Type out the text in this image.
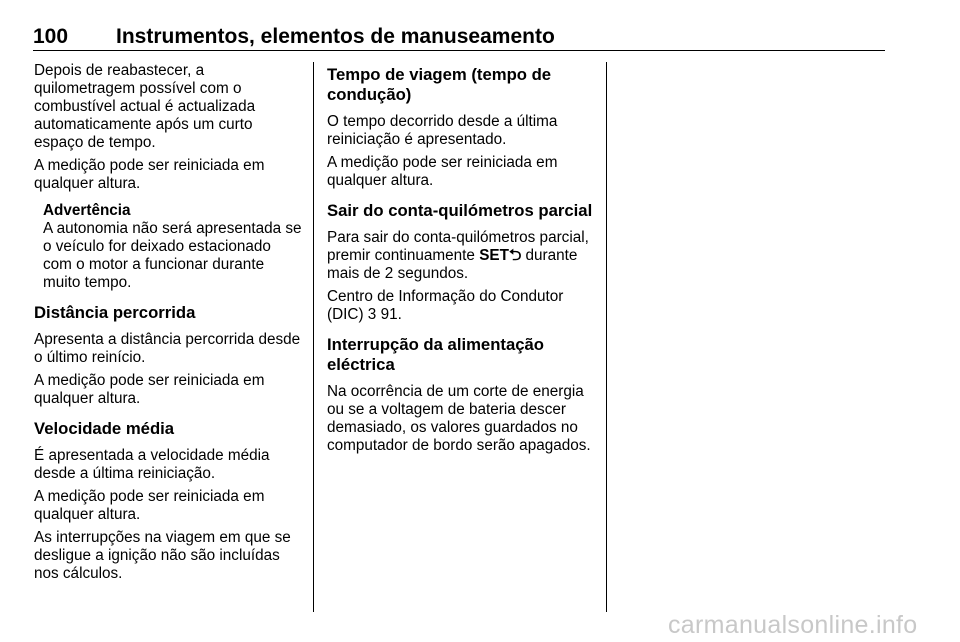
100 Instrumentos, elementos de manuseamento

Depois de reabastecer, a quilometragem possível com o combustível actual é actualizada automaticamente após um curto espaço de tempo.

A medição pode ser reiniciada em qualquer altura.

Advertência
A autonomia não será apresentada se o veículo for deixado estacionado com o motor a funcionar durante muito tempo.
Distância percorrida

Apresenta a distância percorrida desde o último reinício.

A medição pode ser reiniciada em qualquer altura.

Velocidade média

É apresentada a velocidade média desde a última reiniciação.

A medição pode ser reiniciada em qualquer altura.

As interrupções na viagem em que se desligue a ignição não são incluídas nos cálculos.

Tempo de viagem (tempo de condução)

O tempo decorrido desde a última reiniciação é apresentado.

A medição pode ser reiniciada em qualquer altura.

Sair do conta-quilómetros parcial

Para sair do conta-quilómetros parcial, premir continuamente SET⮌ durante mais de 2 segundos.

Centro de Informação do Condutor (DIC) 3 91.

Interrupção da alimentação eléctrica

Na ocorrência de um corte de energia ou se a voltagem de bateria descer demasiado, os valores guardados no computador de bordo serão apagados.

carmanualsonline.info
